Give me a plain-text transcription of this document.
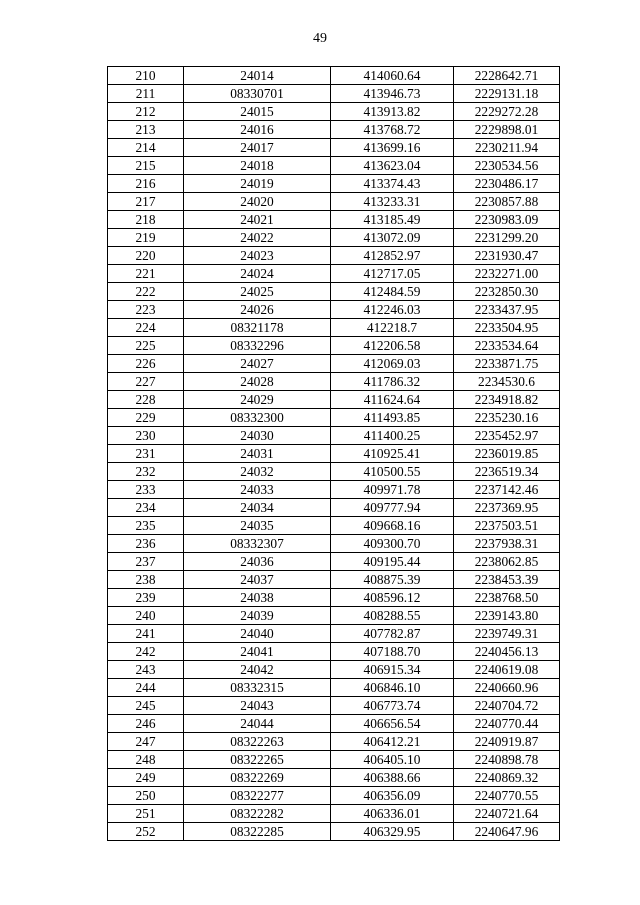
49
210	24014	414060.64	2228642.71
211	08330701	413946.73	2229131.18
212	24015	413913.82	2229272.28
213	24016	413768.72	2229898.01
214	24017	413699.16	2230211.94
215	24018	413623.04	2230534.56
216	24019	413374.43	2230486.17
217	24020	413233.31	2230857.88
218	24021	413185.49	2230983.09
219	24022	413072.09	2231299.20
220	24023	412852.97	2231930.47
221	24024	412717.05	2232271.00
222	24025	412484.59	2232850.30
223	24026	412246.03	2233437.95
224	08321178	412218.7	2233504.95
225	08332296	412206.58	2233534.64
226	24027	412069.03	2233871.75
227	24028	411786.32	2234530.6
228	24029	411624.64	2234918.82
229	08332300	411493.85	2235230.16
230	24030	411400.25	2235452.97
231	24031	410925.41	2236019.85
232	24032	410500.55	2236519.34
233	24033	409971.78	2237142.46
234	24034	409777.94	2237369.95
235	24035	409668.16	2237503.51
236	08332307	409300.70	2237938.31
237	24036	409195.44	2238062.85
238	24037	408875.39	2238453.39
239	24038	408596.12	2238768.50
240	24039	408288.55	2239143.80
241	24040	407782.87	2239749.31
242	24041	407188.70	2240456.13
243	24042	406915.34	2240619.08
244	08332315	406846.10	2240660.96
245	24043	406773.74	2240704.72
246	24044	406656.54	2240770.44
247	08322263	406412.21	2240919.87
248	08322265	406405.10	2240898.78
249	08322269	406388.66	2240869.32
250	08322277	406356.09	2240770.55
251	08322282	406336.01	2240721.64
252	08322285	406329.95	2240647.96
